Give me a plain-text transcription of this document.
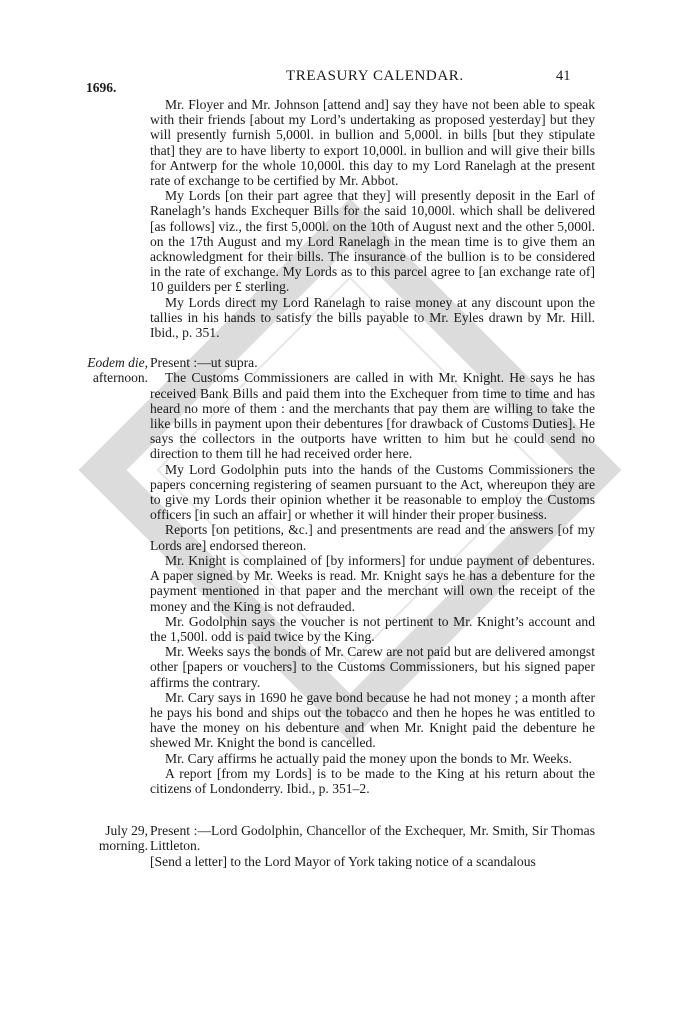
1696.
TREASURY CALENDAR.	41

Mr. Floyer and Mr. Johnson [attend and] say they have not been able to speak with their friends [about my Lord’s undertaking as proposed yesterday] but they will presently furnish 5,000l. in bullion and 5,000l. in bills [but they stipulate that] they are to have liberty to export 10,000l. in bullion and will give their bills for Antwerp for the whole 10,000l. this day to my Lord Ranelagh at the present rate of exchange to be certified by Mr. Abbot.

My Lords [on their part agree that they] will presently deposit in the Earl of Ranelagh’s hands Exchequer Bills for the said 10,000l. which shall be delivered [as follows] viz., the first 5,000l. on the 10th of August next and the other 5,000l. on the 17th August and my Lord Ranelagh in the mean time is to give them an acknowledgment for their bills. The insurance of the bullion is to be considered in the rate of exchange. My Lords as to this parcel agree to [an exchange rate of] 10 guilders per £ sterling.

My Lords direct my Lord Ranelagh to raise money at any discount upon the tallies in his hands to satisfy the bills payable to Mr. Eyles drawn by Mr. Hill. Ibid., p. 351.

Eodem die,
afternoon.

Present :—ut supra.

The Customs Commissioners are called in with Mr. Knight. He says he has received Bank Bills and paid them into the Exchequer from time to time and has heard no more of them : and the merchants that pay them are willing to take the like bills in payment upon their debentures [for drawback of Customs Duties]. He says the collectors in the outports have written to him but he could send no direction to them till he had received order here.

My Lord Godolphin puts into the hands of the Customs Commissioners the papers concerning registering of seamen pursuant to the Act, whereupon they are to give my Lords their opinion whether it be reasonable to employ the Customs officers [in such an affair] or whether it will hinder their proper business.

Reports [on petitions, &c.] and presentments are read and the answers [of my Lords are] endorsed thereon.

Mr. Knight is complained of [by informers] for undue payment of debentures. A paper signed by Mr. Weeks is read. Mr. Knight says he has a debenture for the payment mentioned in that paper and the merchant will own the receipt of the money and the King is not defrauded.

Mr. Godolphin says the voucher is not pertinent to Mr. Knight’s account and the 1,500l. odd is paid twice by the King.

Mr. Weeks says the bonds of Mr. Carew are not paid but are delivered amongst other [papers or vouchers] to the Customs Commissioners, but his signed paper affirms the contrary.

Mr. Cary says in 1690 he gave bond because he had not money ; a month after he pays his bond and ships out the tobacco and then he hopes he was entitled to have the money on his debenture and when Mr. Knight paid the debenture he shewed Mr. Knight the bond is cancelled.

Mr. Cary affirms he actually paid the money upon the bonds to Mr. Weeks.

A report [from my Lords] is to be made to the King at his return about the citizens of Londonderry. Ibid., p. 351–2.

July 29,
morning.

Present :—Lord Godolphin, Chancellor of the Exchequer, Mr. Smith, Sir Thomas Littleton.

[Send a letter] to the Lord Mayor of York taking notice of a scandalous
